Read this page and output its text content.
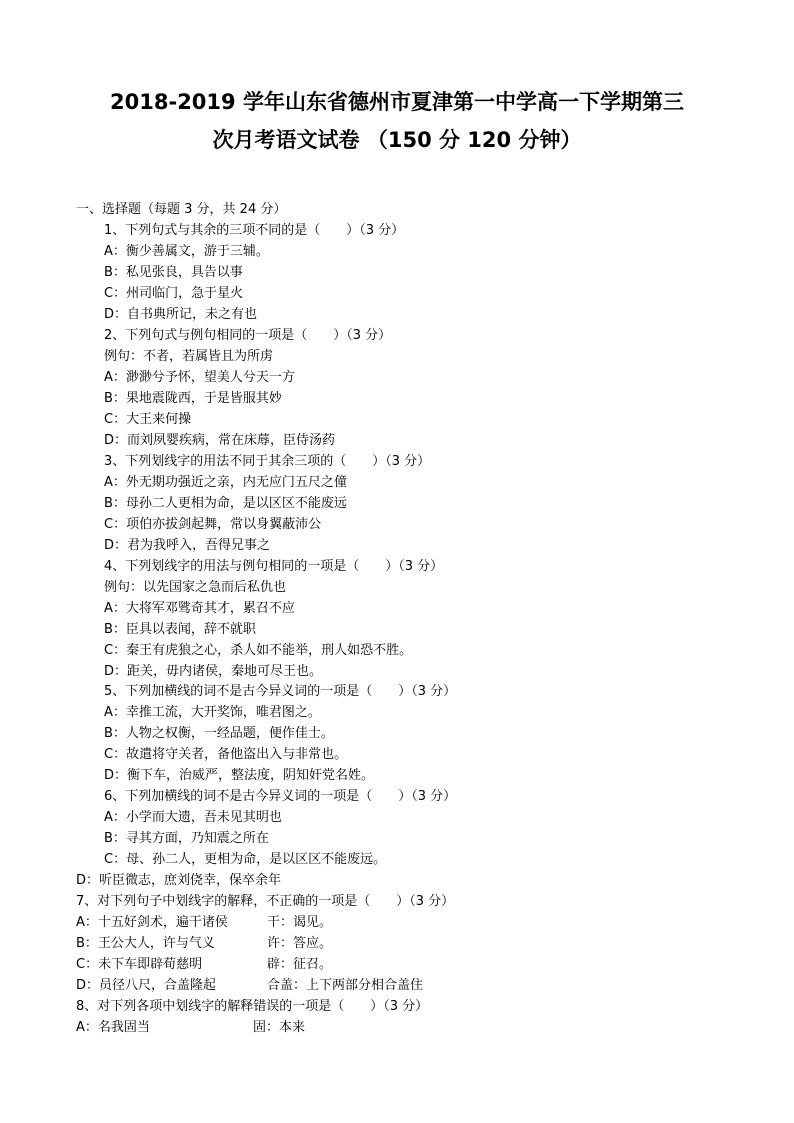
2018-2019 学年山东省德州市夏津第一中学高一下学期第三
次月考语文试卷 （150 分 120 分钟）
一、选择题（每题 3 分，共 24 分）
1、下列句式与其余的三项不同的是（　　）（3 分）
A：衡少善属文，游于三辅。
B：私见张良，具告以事
C：州司临门，急于星火
D：自书典所记，未之有也
2、下列句式与例句相同的一项是（　　）（3 分）
例句：不者，若属皆且为所虏
A：渺渺兮予怀，望美人兮天一方
B：果地震陇西，于是皆服其妙
C：大王来何操
D：而刘夙婴疾病，常在床蓐，臣侍汤药
3、下列划线字的用法不同于其余三项的（　　）（3 分）
A：外无期功强近之亲，内无应门五尺之僮
B：母孙二人更相为命，是以区区不能废远
C：项伯亦拔剑起舞，常以身翼蔽沛公
D：君为我呼入，吾得兄事之
4、下列划线字的用法与例句相同的一项是（　　）（3 分）
例句：以先国家之急而后私仇也
A：大将军邓骘奇其才，累召不应
B：臣具以表闻，辞不就职
C：秦王有虎狼之心，杀人如不能举，刑人如恐不胜。
D：距关，毋内诸侯，秦地可尽王也。
5、下列加横线的词不是古今异义词的一项是（　　）（3 分）
A：幸推工流，大开奖饰，唯君图之。
B：人物之权衡，一经品题，便作佳士。
C：故遣将守关者，备他盗出入与非常也。
D：衡下车，治威严，整法度，阴知奸党名姓。
6、下列加横线的词不是古今异义词的一项是（　　）（3 分）
A：小学而大遗，吾未见其明也
B：寻其方面，乃知震之所在
C：母、孙二人，更相为命，是以区区不能废远。
D：听臣微志，庶刘侥幸，保卒余年
7、对下列句子中划线字的解释，不正确的一项是（　　）（3 分）
A：十五好剑术，遍干诸侯	干：谒见。
B：王公大人，许与气义	许：答应。
C：未下车即辟荀慈明	辟：征召。
D：员径八尺，合盖隆起	合盖：上下两部分相合盖住
8、对下列各项中划线字的解释错误的一项是（　　）（3 分）
A：名我固当	固：本来
